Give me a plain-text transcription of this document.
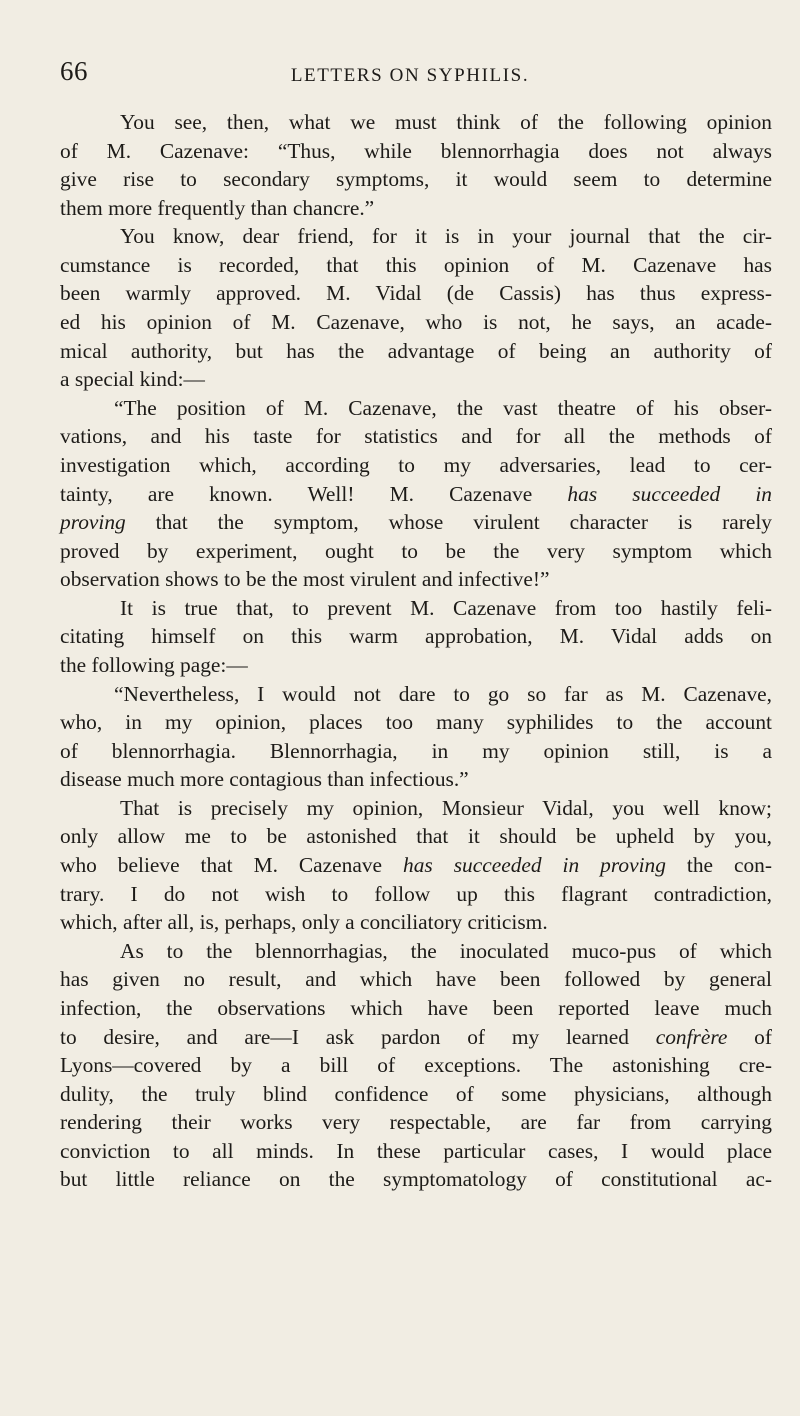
66	LETTERS ON SYPHILIS.
You see, then, what we must think of the following opinion
of M. Cazenave: “Thus, while blennorrhagia does not always
give rise to secondary symptoms, it would seem to determine
them more frequently than chancre.”
You know, dear friend, for it is in your journal that the cir-
cumstance is recorded, that this opinion of M. Cazenave has
been warmly approved. M. Vidal (de Cassis) has thus express-
ed his opinion of M. Cazenave, who is not, he says, an acade-
mical authority, but has the advantage of being an authority of
a special kind:—
“The position of M. Cazenave, the vast theatre of his obser-
vations, and his taste for statistics and for all the methods of
investigation which, according to my adversaries, lead to cer-
tainty, are known. Well! M. Cazenave has succeeded in
proving that the symptom, whose virulent character is rarely
proved by experiment, ought to be the very symptom which
observation shows to be the most virulent and infective!”
It is true that, to prevent M. Cazenave from too hastily feli-
citating himself on this warm approbation, M. Vidal adds on
the following page:—
“Nevertheless, I would not dare to go so far as M. Cazenave,
who, in my opinion, places too many syphilides to the account
of blennorrhagia. Blennorrhagia, in my opinion still, is a
disease much more contagious than infectious.”
That is precisely my opinion, Monsieur Vidal, you well know;
only allow me to be astonished that it should be upheld by you,
who believe that M. Cazenave has succeeded in proving the con-
trary. I do not wish to follow up this flagrant contradiction,
which, after all, is, perhaps, only a conciliatory criticism.
As to the blennorrhagias, the inoculated muco-pus of which
has given no result, and which have been followed by general
infection, the observations which have been reported leave much
to desire, and are—I ask pardon of my learned confrère of
Lyons—covered by a bill of exceptions. The astonishing cre-
dulity, the truly blind confidence of some physicians, although
rendering their works very respectable, are far from carrying
conviction to all minds. In these particular cases, I would place
but little reliance on the symptomatology of constitutional ac-
